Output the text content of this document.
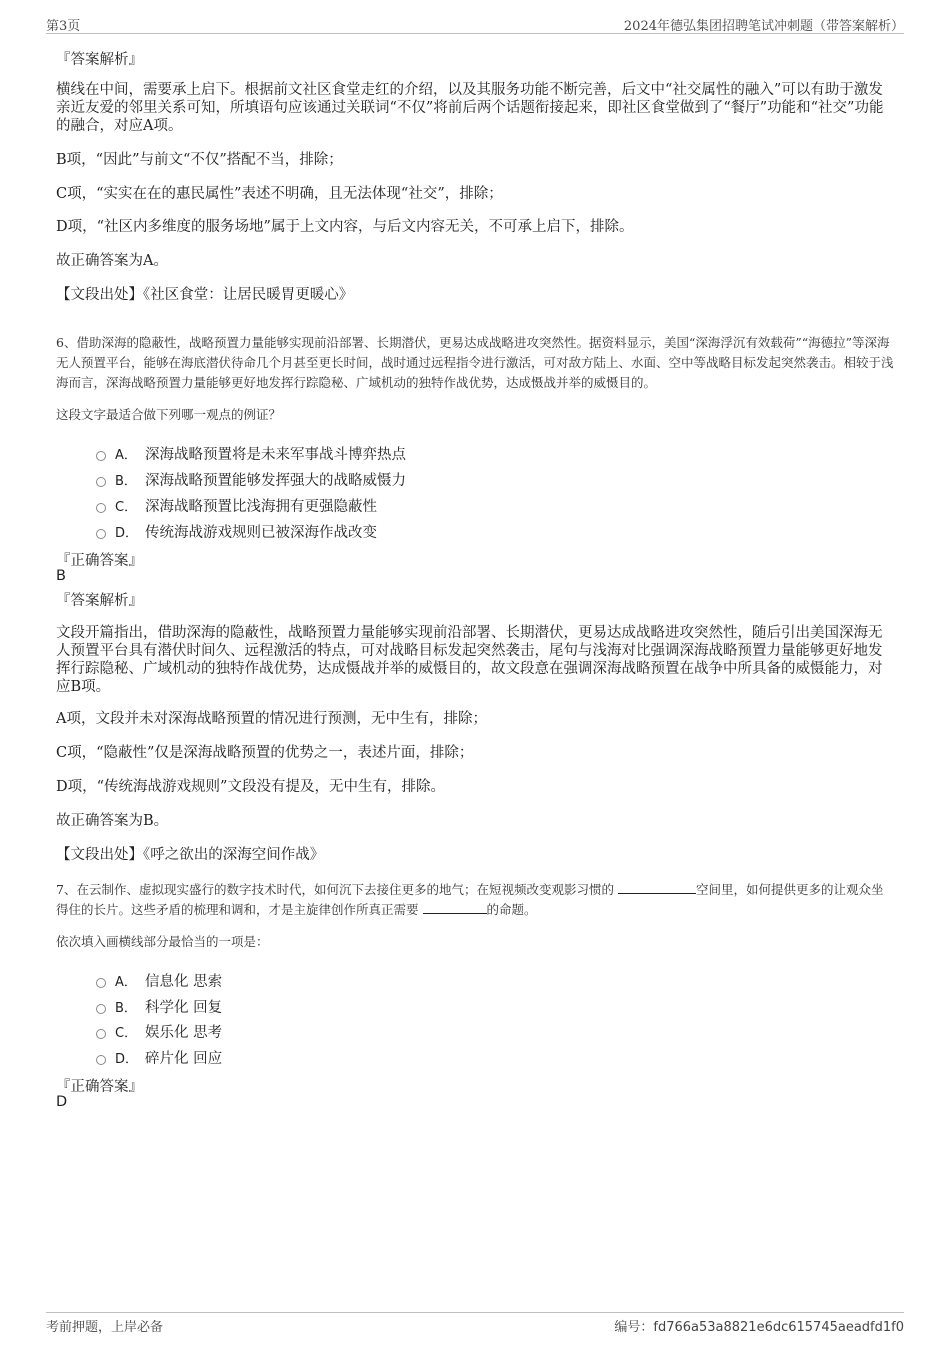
第3页	2024年德弘集团招聘笔试冲刺题（带答案解析）
『答案解析』

横线在中间，需要承上启下。根据前文社区食堂走红的介绍，以及其服务功能不断完善，后文中“社交属性的融入”可以有助于激发亲近友爱的邻里关系可知，所填语句应该通过关联词“不仅”将前后两个话题衔接起来，即社区食堂做到了“餐厅”功能和“社交”功能的融合，对应A项。

B项，“因此”与前文“不仅”搭配不当，排除；

C项，“实实在在的惠民属性”表述不明确，且无法体现“社交”，排除；

D项，“社区内多维度的服务场地”属于上文内容，与后文内容无关，不可承上启下，排除。

故正确答案为A。

【文段出处】《社区食堂：让居民暖胃更暖心》

6、借助深海的隐蔽性，战略预置力量能够实现前沿部署、长期潜伏，更易达成战略进攻突然性。据资料显示，美国“深海浮沉有效载荷”“海德拉”等深海无人预置平台，能够在海底潜伏待命几个月甚至更长时间，战时通过远程指令进行激活，可对敌方陆上、水面、空中等战略目标发起突然袭击。相较于浅海而言，深海战略预置力量能够更好地发挥行踪隐秘、广域机动的独特作战优势，达成慑战并举的威慑目的。

这段文字最适合做下列哪一观点的例证？

A． 深海战略预置将是未来军事战斗博弈热点
B． 深海战略预置能够发挥强大的战略威慑力
C． 深海战略预置比浅海拥有更强隐蔽性
D． 传统海战游戏规则已被深海作战改变
『正确答案』
B
『答案解析』

文段开篇指出，借助深海的隐蔽性，战略预置力量能够实现前沿部署、长期潜伏，更易达成战略进攻突然性，随后引出美国深海无人预置平台具有潜伏时间久、远程激活的特点，可对战略目标发起突然袭击，尾句与浅海对比强调深海战略预置力量能够更好地发挥行踪隐秘、广域机动的独特作战优势，达成慑战并举的威慑目的，故文段意在强调深海战略预置在战争中所具备的威慑能力，对应B项。

A项，文段并未对深海战略预置的情况进行预测，无中生有，排除；

C项，“隐蔽性”仅是深海战略预置的优势之一，表述片面，排除；

D项，“传统海战游戏规则”文段没有提及，无中生有，排除。

故正确答案为B。

【文段出处】《呼之欲出的深海空间作战》

7、在云制作、虚拟现实盛行的数字技术时代，如何沉下去接住更多的地气；在短视频改变观影习惯的	空间里，如何提供更多的让观众坐得住的长片。这些矛盾的梳理和调和，才是主旋律创作所真正需要	的命题。

依次填入画横线部分最恰当的一项是：

A． 信息化 思索
B． 科学化 回复
C． 娱乐化 思考
D． 碎片化 回应
『正确答案』
D
考前押题，上岸必备	编号：fd766a53a8821e6dc615745aeadfd1f0
